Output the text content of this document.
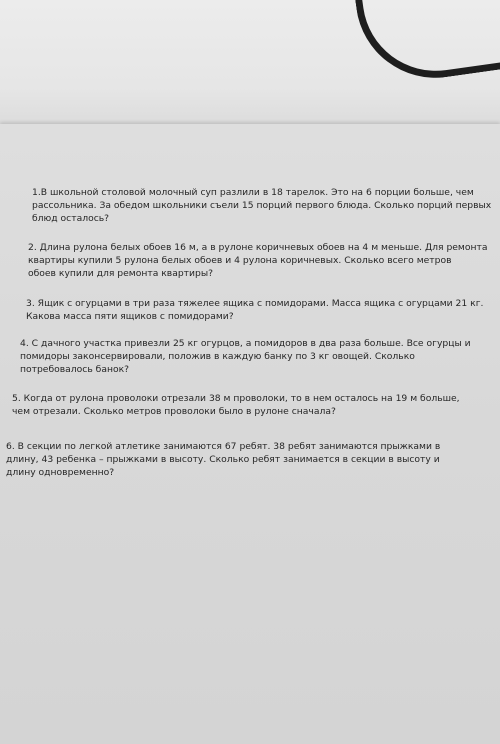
1.В школьной столовой молочный суп разлили в 18 тарелок. Это на 6 порции больше, чем
рассольника. За обедом школьники съели 15 порций первого блюда. Сколько порций первых
блюд осталось?

2. Длина рулона белых обоев 16 м, а в рулоне коричневых обоев на 4 м меньше. Для ремонта
квартиры купили 5 рулона белых обоев и 4 рулона коричневых. Сколько всего метров
обоев купили для ремонта квартиры?

3. Ящик с огурцами в три раза тяжелее ящика с помидорами. Масса ящика с огурцами 21 кг.
Какова масса пяти ящиков с помидорами?

4. С дачного участка привезли 25 кг огурцов, а помидоров в два раза больше. Все огурцы и
помидоры законсервировали, положив в каждую банку по 3 кг овощей. Сколько
потребовалось банок?

5. Когда от рулона проволоки отрезали 38 м проволоки, то в нем осталось на 19 м больше,
чем отрезали. Сколько метров проволоки было в рулоне сначала?

6. В секции по легкой атлетике занимаются 67 ребят. 38 ребят занимаются прыжками в
длину, 43 ребенка – прыжками в высоту. Сколько ребят занимается в секции в высоту и
длину одновременно?
